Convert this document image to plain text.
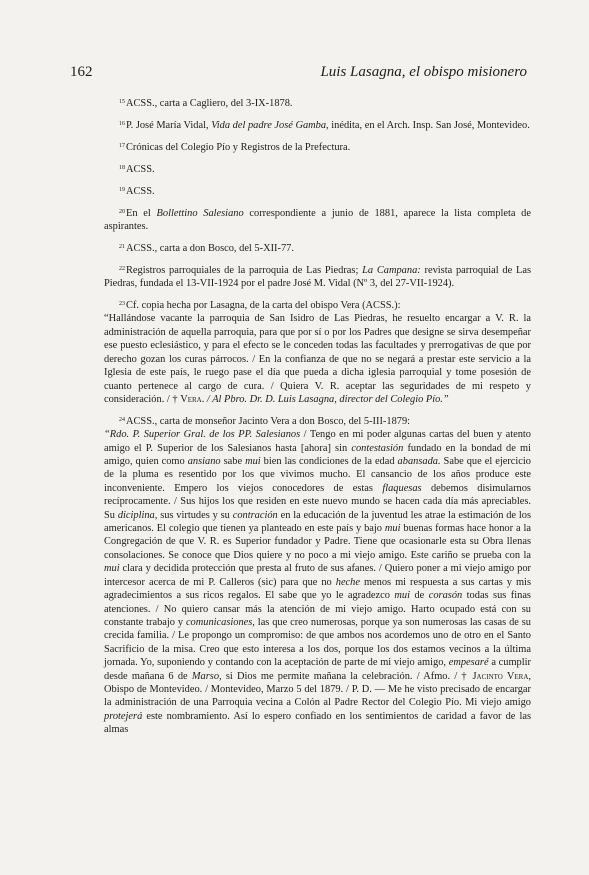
162	Luis Lasagna, el obispo misionero

$^{15}$ACSS., carta a Cagliero, del 3-IX-1878.

$^{16}$P. José María Vidal, Vida del padre José Gamba, inédita, en el Arch. Insp. San José, Montevideo.

$^{17}$Crónicas del Colegio Pío y Registros de la Prefectura.

$^{18}$ACSS.

$^{19}$ACSS.

$^{20}$En el Bollettino Salesiano correspondiente a junio de 1881, aparece la lista completa de aspirantes.

$^{21}$ACSS., carta a don Bosco, del 5-XII-77.

$^{22}$Registros parroquiales de la parroquia de Las Piedras; La Campana: revista parroquial de Las Piedras, fundada el 13-VII-1924 por el padre José M. Vidal (Nº 3, del 27-VII-1924).

$^{23}$Cf. copia hecha por Lasagna, de la carta del obispo Vera (ACSS.):

“Hallándose vacante la parroquia de San Isidro de Las Piedras, he resuelto encargar a V. R. la administración de aquella parroquia, para que por sí o por los Padres que designe se sirva desempeñar ese puesto eclesiástico, y para el efecto se le conceden todas las facultades y prerrogativas de que por derecho gozan los curas párrocos. / En la confianza de que no se negará a prestar este servicio a la Iglesia de este país, le ruego pase el día que pueda a dicha iglesia parroquial y tome posesión de cuanto pertenece al cargo de cura. / Quiera V. R. aceptar las seguridades de mi respeto y consideración. / † Vera. / Al Pbro. Dr. D. Luis Lasagna, director del Colegio Pío.”

$^{24}$ACSS., carta de monseñor Jacinto Vera a don Bosco, del 5-III-1879:

“Rdo. P. Superior Gral. de los PP. Salesianos / Tengo en mi poder algunas cartas del buen y atento amigo el P. Superior de los Salesianos hasta [ahora] sin contestasión fundado en la bondad de mi amigo, quien como ansiano sabe mui bien las condiciones de la edad abansada. Sabe que el ejercicio de la pluma es resentido por los que vivimos mucho. El cansancio de los años produce este inconveniente. Empero los viejos conocedores de estas flaquesas debemos disimularnos recíprocamente. / Sus hijos los que residen en este nuevo mundo se hacen cada día más apreciables. Su diciplina, sus virtudes y su contración en la educación de la juventud les atrae la estimación de los americanos. El colegio que tienen ya planteado en este país y bajo mui buenas formas hace honor a la Congregación de que V. R. es Superior fundador y Padre. Tiene que ocasionarle esta su Obra llenas consolaciones. Se conoce que Dios quiere y no poco a mi viejo amigo. Este cariño se prueba con la mui clara y decidida protección que presta al fruto de sus afanes. / Quiero poner a mi viejo amigo por intercesor acerca de mi P. Calleros (sic) para que no heche menos mi respuesta a sus cartas y mis agradecimientos a sus ricos regalos. El sabe que yo le agradezco mui de corasón todas sus finas atenciones. / No quiero cansar más la atención de mi viejo amigo. Harto ocupado está con su constante trabajo y comunicasiones, las que creo numerosas, porque ya son numerosas las casas de su crecida familia. / Le propongo un compromiso: de que ambos nos acordemos uno de otro en el Santo Sacrificio de la misa. Creo que esto interesa a los dos, porque los dos estamos vecinos a la última jornada. Yo, suponiendo y contando con la aceptación de parte de mi viejo amigo, empesaré a cumplir desde mañana 6 de Marso, si Dios me permite mañana la celebración. / Afmo. / † Jacinto Vera, Obispo de Montevideo. / Montevideo, Marzo 5 del 1879. / P. D. — Me he visto precisado de encargar la administración de una Parroquia vecina a Colón al Padre Rector del Colegio Pío. Mi viejo amigo protejerá este nombramiento. Así lo espero confiado en los sentimientos de caridad a favor de las almas
